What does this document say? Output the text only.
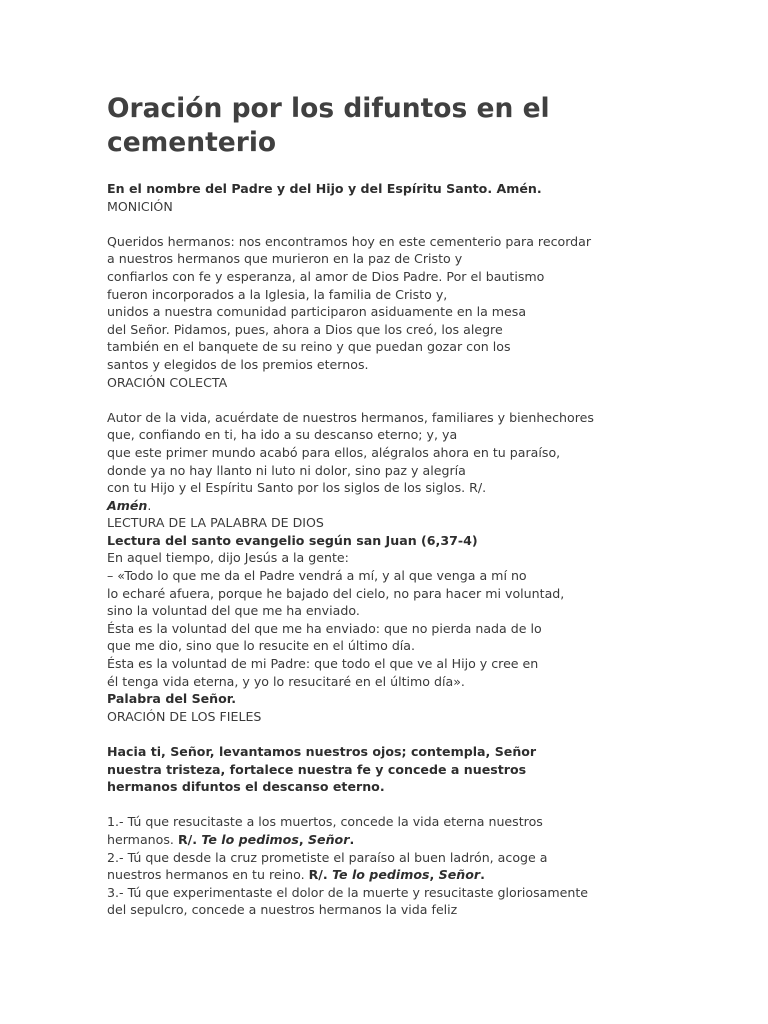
Oración por los difuntos en el
cementerio
En el nombre del Padre y del Hijo y del Espíritu Santo. Amén.
MONICIÓN
Queridos hermanos: nos encontramos hoy en este cementerio para recordar
a nuestros hermanos que murieron en la paz de Cristo y
confiarlos con fe y esperanza, al amor de Dios Padre. Por el bautismo
fueron incorporados a la Iglesia, la familia de Cristo y,
unidos a nuestra comunidad participaron asiduamente en la mesa
del Señor. Pidamos, pues, ahora a Dios que los creó, los alegre
también en el banquete de su reino y que puedan gozar con los
santos y elegidos de los premios eternos.
ORACIÓN COLECTA
Autor de la vida, acuérdate de nuestros hermanos, familiares y bienhechores
que, confiando en ti, ha ido a su descanso eterno; y, ya
que este primer mundo acabó para ellos, alégralos ahora en tu paraíso,
donde ya no hay llanto ni luto ni dolor, sino paz y alegría
con tu Hijo y el Espíritu Santo por los siglos de los siglos. R/.
Amén.
LECTURA DE LA PALABRA DE DIOS
Lectura del santo evangelio según san Juan (6,37-4)
En aquel tiempo, dijo Jesús a la gente:
– «Todo lo que me da el Padre vendrá a mí, y al que venga a mí no
lo echaré afuera, porque he bajado del cielo, no para hacer mi voluntad,
sino la voluntad del que me ha enviado.
Ésta es la voluntad del que me ha enviado: que no pierda nada de lo
que me dio, sino que lo resucite en el último día.
Ésta es la voluntad de mi Padre: que todo el que ve al Hijo y cree en
él tenga vida eterna, y yo lo resucitaré en el último día».
Palabra del Señor.
ORACIÓN DE LOS FIELES
Hacia ti, Señor, levantamos nuestros ojos; contempla, Señor
nuestra tristeza, fortalece nuestra fe y concede a nuestros
hermanos difuntos el descanso eterno.
1.- Tú que resucitaste a los muertos, concede la vida eterna nuestros
hermanos. R/. Te lo pedimos, Señor.
2.- Tú que desde la cruz prometiste el paraíso al buen ladrón, acoge a
nuestros hermanos en tu reino. R/. Te lo pedimos, Señor.
3.- Tú que experimentaste el dolor de la muerte y resucitaste gloriosamente
del sepulcro, concede a nuestros hermanos la vida feliz
